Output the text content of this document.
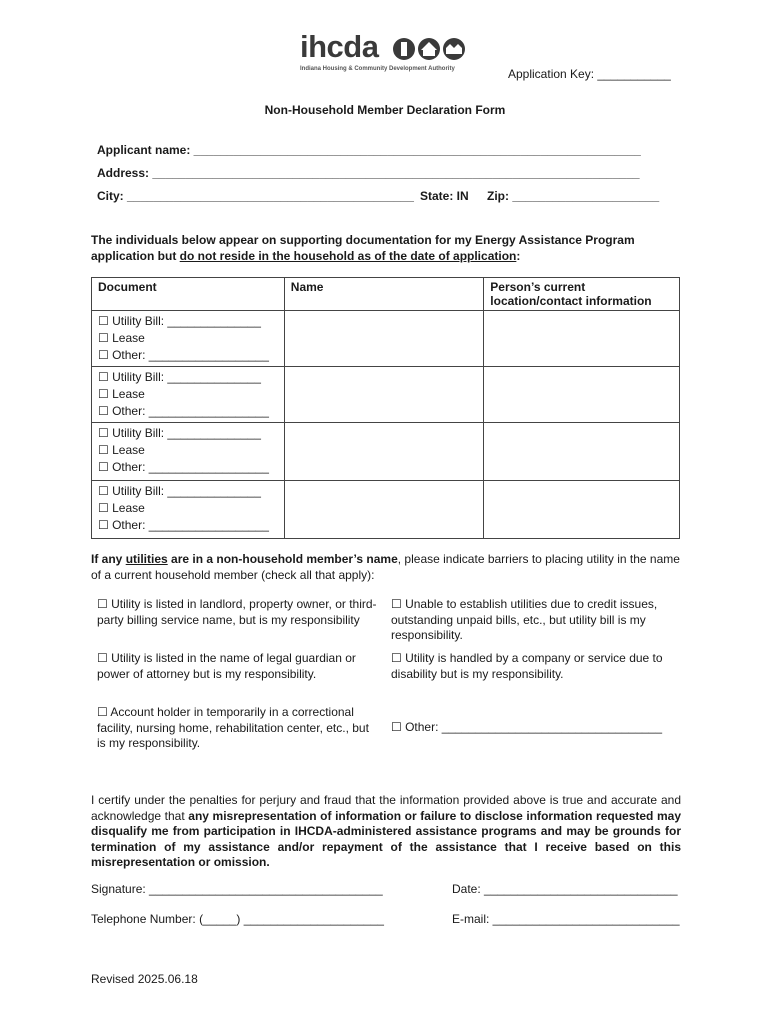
ihcda
Indiana Housing & Community Development Authority	Application Key: ___________
Non-Household Member Declaration Form
Applicant name: ___________________________________________________________________
Address: _________________________________________________________________________
City: ___________________________________________ State: IN Zip: ______________________
The individuals below appear on supporting documentation for my Energy Assistance Program application but do not reside in the household as of the date of application:
Document	Name	Person’s current location/contact information

☐ Utility Bill: ______________
☐ Lease
☐ Other: __________________		

☐ Utility Bill: ______________
☐ Lease
☐ Other: __________________		

☐ Utility Bill: ______________
☐ Lease
☐ Other: __________________		

☐ Utility Bill: ______________
☐ Lease
☐ Other: __________________		

If any utilities are in a non-household member’s name, please indicate barriers to placing utility in the name of a current household member (check all that apply):
☐ Utility is listed in landlord, property owner, or third-party billing service name, but is my responsibility
☐ Unable to establish utilities due to credit issues, outstanding unpaid bills, etc., but utility bill is my responsibility.
☐ Utility is listed in the name of legal guardian or power of attorney but is my responsibility.
☐ Utility is handled by a company or service due to disability but is my responsibility.
☐ Account holder in temporarily in a correctional facility, nursing home, rehabilitation center, etc., but is my responsibility.
☐ Other: _________________________________
I certify under the penalties for perjury and fraud that the information provided above is true and accurate and acknowledge that any misrepresentation of information or failure to disclose information requested may disqualify me from participation in IHCDA-administered assistance programs and may be grounds for termination of my assistance and/or repayment of the assistance that I receive based on this misrepresentation or omission.
Signature: ___________________________________	Date: _____________________________
Telephone Number: (_____) _____________________	E-mail: ____________________________
Revised 2025.06.18
